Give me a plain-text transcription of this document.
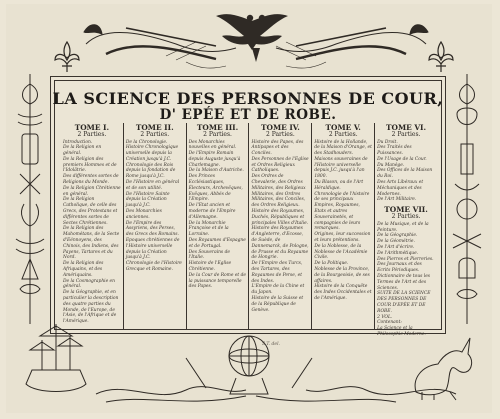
LA SCIENCE DES PERSONNES DE COUR,
D' EPÉE ET DE ROBE.
TOME I.
2 Parties.
Introduction.
De la Religion en général.
De la Religion des premiers Hommes et de l'Idolâtrie.
Des différentes sortes de Religions du Monde.
De la Religion Chrétienne en général.
De la Religion Catholique, de celle des Grecs, des Protestans et différentes sortes de Sectes Chrétiennes.
De la Religion des Mahométans, de la Secte d'Eénnoyens, des Chinois, des Indiens, des Payens, Tartares et du Nord.
De la Religion des Afriquains, et des Amériquains.
De la Cosmographie en général.
De la Géographie, et en particulier la description des quatre parties du Monde, de l'Europe, de l'Asie, de l'Afrique et de l'Amérique.
TOME II.
2 Parties.
De la Chronologie.
Histoire Chronologique universelle depuis la Création jusqu'à J.C.
Chronologie des Rois depuis la fondation de Rome jusqu'à J.C.
De l'Histoire en général et de son utilité.
De l'Histoire Sainte depuis la Création jusqu'à J.C.
Des Monarchies anciennes.
De l'Empire des Assyriens, des Perses, des Grecs des Romains.
Epoques chrétiennes de l'Histoire universelle depuis la Création jusqu'à J.C.
Chronologie de l'Histoire Grecque et Romaine.
TOME III.
2 Parties.
Des Monarchies nouvelles en général.
De l'Empire Romain depuis Auguste jusqu'à Charlemagne.
De la Maison d'Autriche.
Des Princes Ecclésiastiques, Électeurs, Archevêques, Evêques, Abbés de l'Empire.
De l'Etat ancien et moderne de l'Empire d'Allemagne.
De la Monarchie Françoise et de la Lorraine.
Des Royaumes d'Espagne et de Portugal.
Des Souverains de l'Italie.
Histoire de l'Eglise Chrétienne.
De la Cour de Rome et de la puissance temporelle des Papes.
TOME IV.
2 Parties.
Histoire des Papes, des Antipapes et des Conciles.
Des Personnes de l'Eglise et Ordres Religieux Catholiques.
Des Ordres de Chevalerie, des Ordres Militaires, des Religieux Militaires, des Ordres Militaires, des Conciles, des Ordres Religieux.
Histoire des Royaumes, Duchés, Républiques et principales Villes d'Italie.
Histoire des Royaumes d'Angleterre, d'Ecosse, de Suède, de Dannemarck, de Pologne, de Prusse et du Royaume de Hongrie.
De l'Empire des Turcs, des Tartares, des Royaumes de Perse, et des Indes.
L'Empire de la Chine et du Japon.
Histoire de la Suisse et de la République de Genève.
TOME V.
2 Parties.
Histoire de la Hollande, de la Maison d'Orange, et des Stadhouders.
Maisons souveraines de l'Histoire universelle depuis J.C. jusqu'à l'an 1800.
Du Blason, ou de l'Art Héraldique.
Chronologie de l'histoire de ses principaux Empires, Royaumes, Etats et autres Souverainetés, et compagnies de leurs remarques.
Origines, leur succession et leurs prétentions.
De la Noblesse, de la Noblesse de l'Académie Civile.
De la Politique.
Noblesse de la Province, de la Bourgeoisie, de ses affaires.
Histoire de la Conquête des Indes Occidentales et de l'Amérique.
TOME VI.
2 Parties.
Du Droit.
Des Traités des Puissances.
De l'Usage de la Cour.
Du Manège.
Des Offices de la Maison du Roi.
Des Arts Libéraux et Méchaniques et des Modernes.
De l'Art Militaire.
TOME VII.
2 Parties.
De la Musique, et de la Peinture.
De la Géographie.
De la Géométrie.
De l'Art d'écrire.
De l'Arithmétique.
Des Pierres et Pierreries.
Des Journaux et des Ecrits Périodiques.
Dictionnaire de tous les Termes de l'Art et des Sciences.
SUITE DE LA SCIENCE DES PERSONNES DE COUR D'EPÉE ET DE ROBE.
2 VOL.
Contenant:
La Science et la Philosophie Moderne.
S.T. del.
